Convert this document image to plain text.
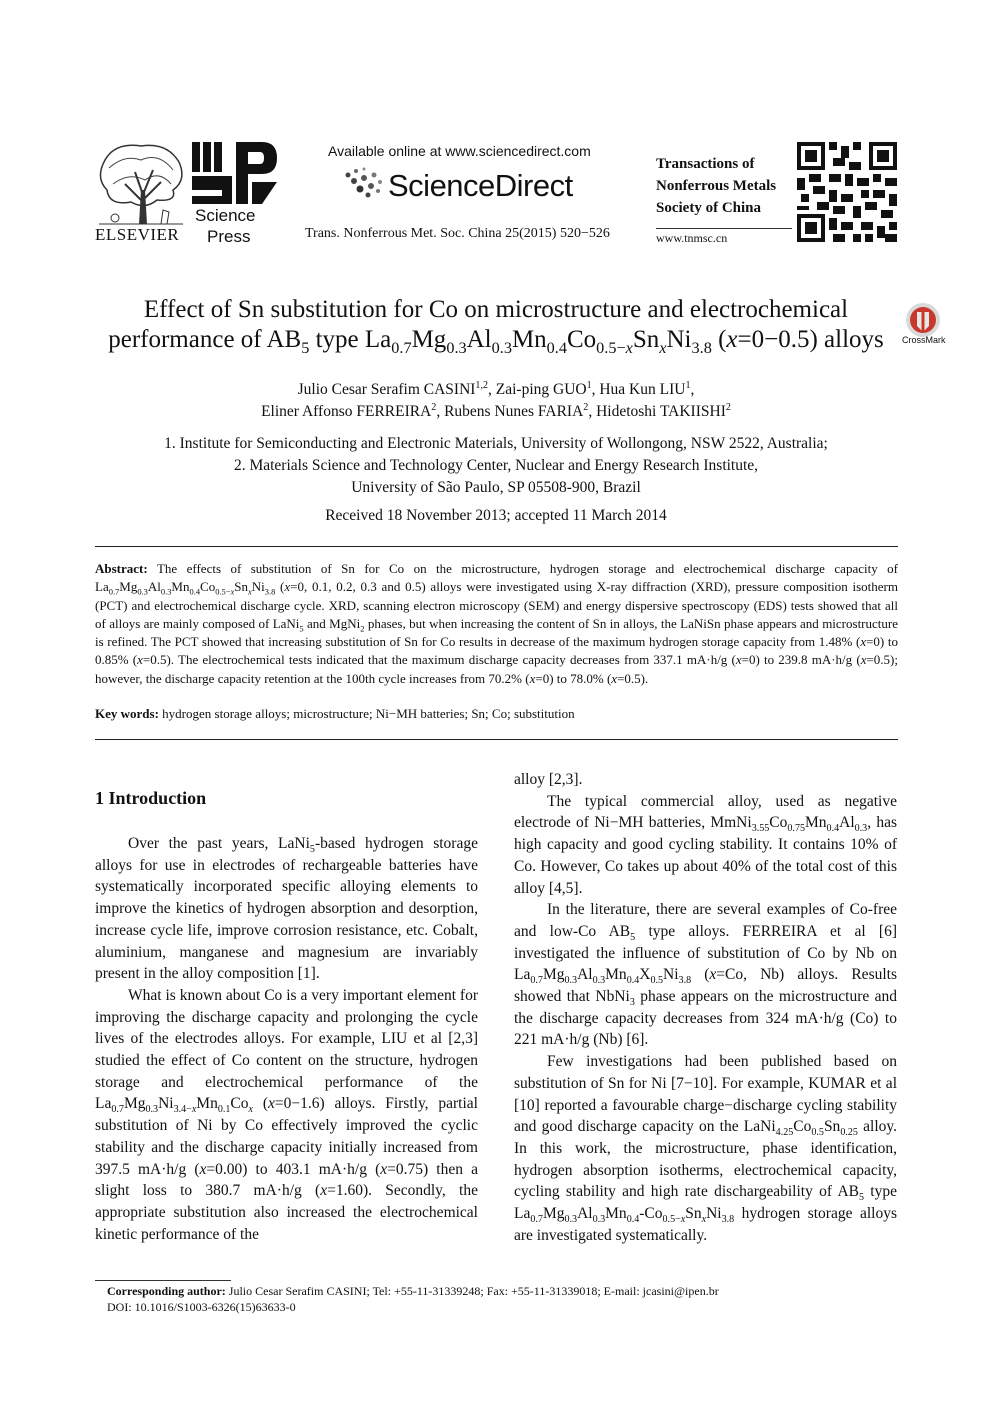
ELSEVIER
Science
Press
Available online at www.sciencedirect.com
ScienceDirect
Trans. Nonferrous Met. Soc. China 25(2015) 520−526
Transactions of
Nonferrous Metals
Society of China
www.tnmsc.cn
Effect of Sn substitution for Co on microstructure and electrochemical
performance of $AB_5$ type $La_{0.7}Mg_{0.3}Al_{0.3}Mn_{0.4}Co_{0.5-x}Sn_xNi_{3.8}$ (x=0−0.5) alloys	CrossMark
Julio Cesar Serafim CASINI$^{1,2}$, Zai-ping GUO$^1$, Hua Kun LIU$^1$,
Eliner Affonso FERREIRA$^2$, Rubens Nunes FARIA$^2$, Hidetoshi TAKIISHI$^2$
1. Institute for Semiconducting and Electronic Materials, University of Wollongong, NSW 2522, Australia;
2. Materials Science and Technology Center, Nuclear and Energy Research Institute,
University of São Paulo, SP 05508-900, Brazil
Received 18 November 2013; accepted 11 March 2014
Abstract: The effects of substitution of Sn for Co on the microstructure, hydrogen storage and electrochemical discharge capacity of $La_{0.7}Mg_{0.3}Al_{0.3}Mn_{0.4}Co_{0.5-x}Sn_xNi_{3.8}$ (x=0, 0.1, 0.2, 0.3 and 0.5) alloys were investigated using X-ray diffraction (XRD), pressure composition isotherm (PCT) and electrochemical discharge cycle. XRD, scanning electron microscopy (SEM) and energy dispersive spectroscopy (EDS) tests showed that all of alloys are mainly composed of LaNi$_5$ and MgNi$_2$ phases, but when increasing the content of Sn in alloys, the LaNiSn phase appears and microstructure is refined. The PCT showed that increasing substitution of Sn for Co results in decrease of the maximum hydrogen storage capacity from 1.48% (x=0) to 0.85% (x=0.5). The electrochemical tests indicated that the maximum discharge capacity decreases from 337.1 mA·h/g (x=0) to 239.8 mA·h/g (x=0.5); however, the discharge capacity retention at the 100th cycle increases from 70.2% (x=0) to 78.0% (x=0.5).
Key words: hydrogen storage alloys; microstructure; Ni−MH batteries; Sn; Co; substitution
1 Introduction

Over the past years, LaNi$_5$-based hydrogen storage alloys for use in electrodes of rechargeable batteries have systematically incorporated specific alloying elements to improve the kinetics of hydrogen absorption and desorption, increase cycle life, improve corrosion resistance, etc. Cobalt, aluminium, manganese and magnesium are invariably present in the alloy composition [1].

What is known about Co is a very important element for improving the discharge capacity and prolonging the cycle lives of the electrodes alloys. For example, LIU et al [2,3] studied the effect of Co content on the structure, hydrogen storage and electrochemical performance of the $La_{0.7}Mg_{0.3}Ni_{3.4-x}Mn_{0.1}Co_x$ (x=0−1.6) alloys. Firstly, partial substitution of Ni by Co effectively improved the cyclic stability and the discharge capacity initially increased from 397.5 mA·h/g (x=0.00) to 403.1 mA·h/g (x=0.75) then a slight loss to 380.7 mA·h/g (x=1.60). Secondly, the appropriate substitution also increased the electrochemical kinetic performance of the

alloy [2,3].

The typical commercial alloy, used as negative electrode of Ni−MH batteries, $MmNi_{3.55}Co_{0.75}Mn_{0.4}Al_{0.3}$, has high capacity and good cycling stability. It contains 10% of Co. However, Co takes up about 40% of the total cost of this alloy [4,5].

In the literature, there are several examples of Co-free and low-Co $AB_5$ type alloys. FERREIRA et al [6] investigated the influence of substitution of Co by Nb on $La_{0.7}Mg_{0.3}Al_{0.3}Mn_{0.4}X_{0.5}Ni_{3.8}$ (x=Co, Nb) alloys. Results showed that NbNi$_3$ phase appears on the microstructure and the discharge capacity decreases from 324 mA·h/g (Co) to 221 mA·h/g (Nb) [6].

Few investigations had been published based on substitution of Sn for Ni [7−10]. For example, KUMAR et al [10] reported a favourable charge−discharge cycling stability and good discharge capacity on the $LaNi_{4.25}Co_{0.5}Sn_{0.25}$ alloy. In this work, the microstructure, phase identification, hydrogen absorption isotherms, electrochemical capacity, cycling stability and high rate dischargeability of $AB_5$ type $La_{0.7}Mg_{0.3}Al_{0.3}Mn_{0.4}-Co_{0.5-x}Sn_xNi_{3.8}$ hydrogen storage alloys are investigated systematically.

Corresponding author: Julio Cesar Serafim CASINI; Tel: +55-11-31339248; Fax: +55-11-31339018; E-mail: jcasini@ipen.br
DOI: 10.1016/S1003-6326(15)63633-0
